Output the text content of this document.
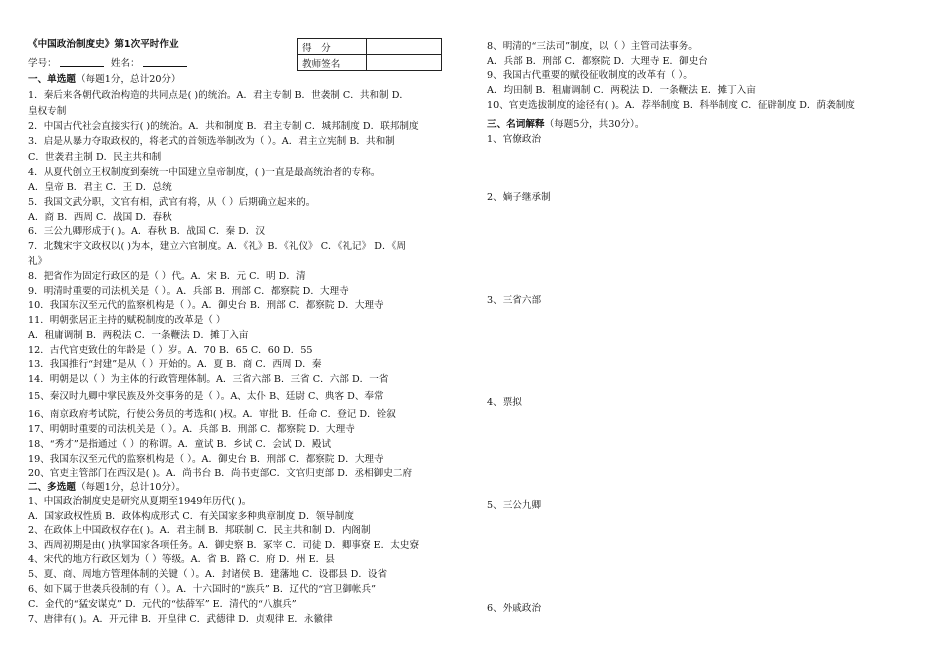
《中国政治制度史》第1次平时作业
学号：	姓名：
一、单选题（每题1分，总计20分）
1．秦后来各朝代政治构造的共同点是( )的统治。A．君主专制 B．世袭制 C．共和制 D．
皇权专制
2．中国古代社会直接实行( )的统治。A．共和制度 B．君主专制 C．城邦制度 D．联邦制度
3．启是从暴力夺取政权的，将老式的首领选举制改为（ ）。A．君主立宪制 B．共和制
C．世袭君主制 D．民主共和制
4．从夏代创立王权制度到秦统一中国建立皇帝制度，( )一直是最高统治者的专称。
A．皇帝 B．君主 C．王 D．总统
5．我国文武分职，文官有相，武官有将，从（ ）后期确立起来的。
A．商 B．西周 C．战国 D．春秋
6．三公九卿形成于( )。A．春秋 B．战国 C．秦 D．汉
7．北魏宋宇文政权以( )为本，建立六官制度。A．《礼》B．《礼仪》 C．《礼记》 D．《周
礼》
8．把省作为固定行政区的是（ ）代。A．宋 B．元 C．明 D．清
9．明清时重要的司法机关是（ ）。A．兵部 B．刑部 C．都察院 D．大理寺
10．我国东汉至元代的监察机构是（ ）。A．御史台 B．刑部 C．都察院 D．大理寺
11．明朝张居正主持的赋税制度的改革是（ ）
A．租庸调制 B．两税法 C．一条鞭法 D．摊丁入亩
12．古代官吏致仕的年龄是（ ）岁。A．70 B．65 C．60 D．55
13．我国推行“封建”是从（ ）开始的。A．夏 B．商 C．西周 D．秦
14．明朝是以（ ）为主体的行政管理体制。A．三省六部 B．三省 C．六部 D．一省
15、秦汉时九卿中掌民族及外交事务的是（ ）。A、太仆 B、廷尉 C、典客 D、奉常
16、南京政府考试院，行使公务员的考选和( )权。A．审批 B．任命 C．登记 D．铨叙
17、明朝时重要的司法机关是（ ）。A．兵部 B．刑部 C．都察院 D．大理寺
18、“秀才”是指通过（ ）的称谓。A．童试 B．乡试 C．会试 D．殿试
19、我国东汉至元代的监察机构是（ ）。A．御史台 B．刑部 C．都察院 D．大理寺
20、官吏主管部门在西汉是( )。A．尚书台 B．尚书吏部C．文官归吏部 D．丞相御史二府
二、多选题（每题1分，总计10分）。
1、中国政治制度史是研究从夏期至1949年历代( )。
A．国家政权性质 B．政体构成形式 C．有关国家多种典章制度 D．领导制度
2、在政体上中国政权存在( )。A．君主制 B．邦联制 C．民主共和制 D．内阁制
3、西周初期是由( )执掌国家各项任务。A．御史察 B．冢宰 C．司徒 D．卿事寮 E．太史寮
4、宋代的地方行政区划为（ ）等级。A．省 B．路 C．府 D．州 E．县
5、夏、商、周地方管理体制的关键（ ）。A．封诸侯 B．建藩地 C．设郡县 D．设省
6、如下属于世袭兵役制的有（ ）。A．十六国时的“族兵” B．辽代的“宫卫御帐兵”
C．金代的“猛安谋克” D．元代的“怯薛军” E．清代的“八旗兵”
7、唐律有( )。A．开元律 B．开皇律 C．武德律 D．贞观律 E．永徽律
得　分	
教师签名	
8、明清的“三法司”制度，以（ ）主管司法事务。
A．兵部 B．刑部 C．都察院 D．大理寺 E．御史台
9、我国古代重要的赋役征收制度的改革有（ ）。
A．均田制 B．租庸调制 C．两税法 D．一条鞭法 E．摊丁入亩
10、官吏选拔制度的途径有( )。A．荐举制度 B．科举制度 C．征辟制度 D．荫袭制度
三、名词解释（每题5分，共30分）。
1、官僚政治
2、嫡子继承制
3、三省六部
4、票拟
5、三公九卿
6、外戚政治
